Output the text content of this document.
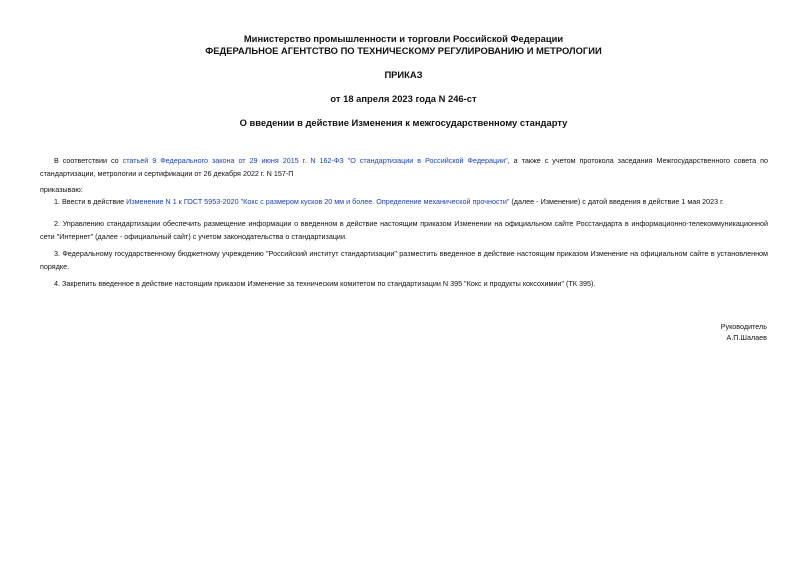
Министерство промышленности и торговли Российской Федерации
ФЕДЕРАЛЬНОЕ АГЕНТСТВО ПО ТЕХНИЧЕСКОМУ РЕГУЛИРОВАНИЮ И МЕТРОЛОГИИ
ПРИКАЗ
от 18 апреля 2023 года N 246-ст
О введении в действие Изменения к межгосударственному стандарту
В соответствии со статьей 9 Федерального закона от 29 июня 2015 г. N 162-ФЗ "О стандартизации в Российской Федерации", а также с учетом протокола заседания Межгосударственного совета по стандартизации, метрологии и сертификации от 26 декабря 2022 г. N 157-П
приказываю:
1. Ввести в действие Изменение N 1 к ГОСТ 5953-2020 "Кокс с размером кусков 20 мм и более. Определение механической прочности" (далее - Изменение) с датой введения в действие 1 мая 2023 г.
2. Управлению стандартизации обеспечить размещение информации о введенном в действие настоящим приказом Изменении на официальном сайте Росстандарта в информационно-телекоммуникационной сети "Интернет" (далее - официальный сайт) с учетом законодательства о стандартизации.
3. Федеральному государственному бюджетному учреждению "Российский институт стандартизации" разместить введенное в действие настоящим приказом Изменение на официальном сайте в установленном порядке.
4. Закрепить введенное в действие настоящим приказом Изменение за техническим комитетом по стандартизации N 395 "Кокс и продукты коксохимии" (ТК 395).
Руководитель
А.П.Шалаев
